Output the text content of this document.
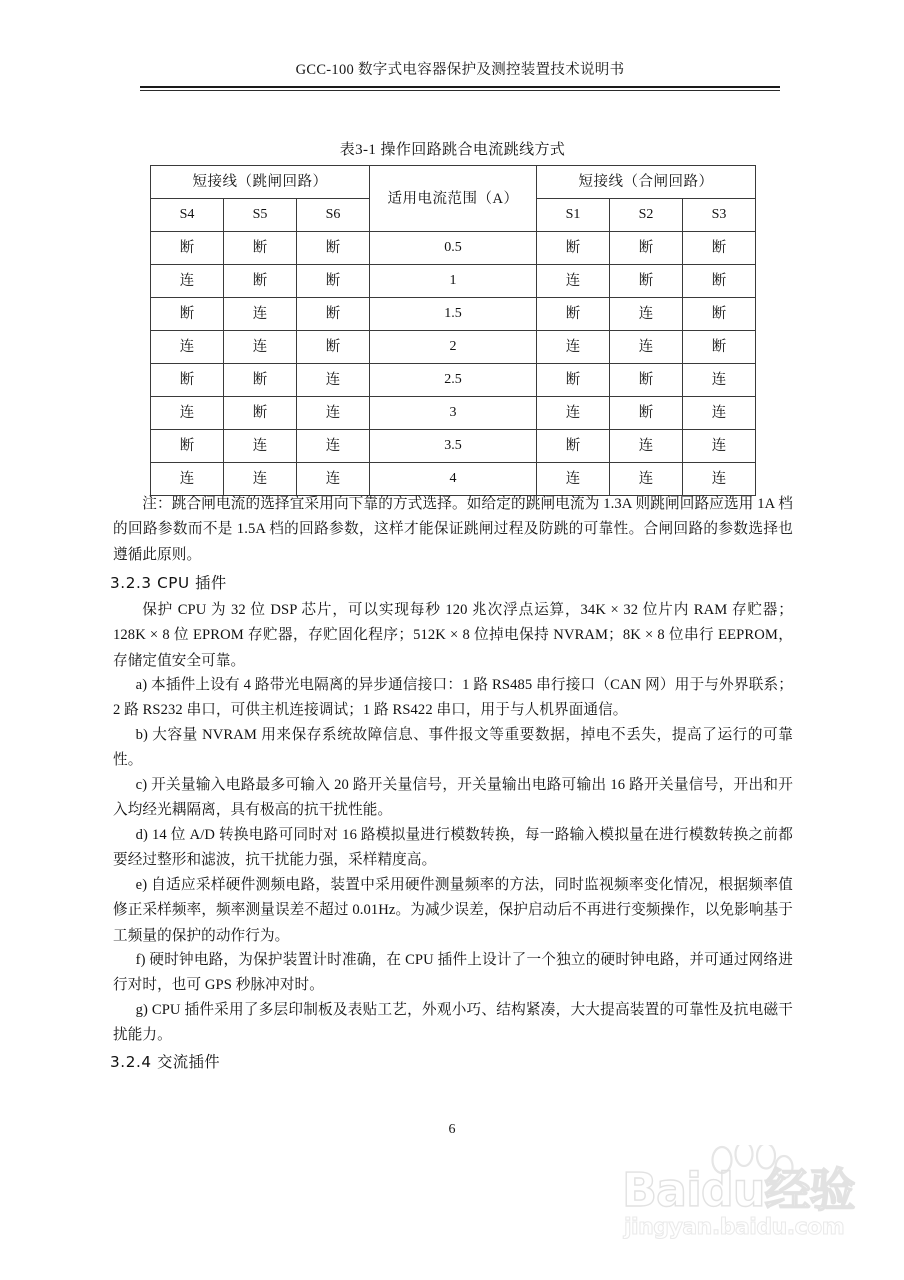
GCC-100 数字式电容器保护及测控装置技术说明书
表3-1 操作回路跳合电流跳线方式
短接线（跳闸回路）			适用电流范围（A）	短接线（合闸回路）		
S4	S5	S6		S1	S2	S3
断	断	断	0.5	断	断	断
连	断	断	1	连	断	断
断	连	断	1.5	断	连	断
连	连	断	2	连	连	断
断	断	连	2.5	断	断	连
连	断	连	3	连	断	连
断	连	连	3.5	断	连	连
连	连	连	4	连	连	连
注：跳合闸电流的选择宜采用向下靠的方式选择。如给定的跳闸电流为 1.3A 则跳闸回路应选用 1A 档的回路参数而不是 1.5A 档的回路参数，这样才能保证跳闸过程及防跳的可靠性。合闸回路的参数选择也遵循此原则。
3.2.3 CPU 插件
保护 CPU 为 32 位 DSP 芯片，可以实现每秒 120 兆次浮点运算，34K × 32 位片内 RAM 存贮器；128K × 8 位 EPROM 存贮器，存贮固化程序；512K × 8 位掉电保持 NVRAM；8K × 8 位串行 EEPROM，存储定值安全可靠。
a) 本插件上设有 4 路带光电隔离的异步通信接口：1 路 RS485 串行接口（CAN 网）用于与外界联系；2 路 RS232 串口，可供主机连接调试；1 路 RS422 串口，用于与人机界面通信。
b) 大容量 NVRAM 用来保存系统故障信息、事件报文等重要数据，掉电不丢失，提高了运行的可靠性。
c) 开关量输入电路最多可输入 20 路开关量信号，开关量输出电路可输出 16 路开关量信号，开出和开入均经光耦隔离，具有极高的抗干扰性能。
d) 14 位 A/D 转换电路可同时对 16 路模拟量进行模数转换，每一路输入模拟量在进行模数转换之前都要经过整形和滤波，抗干扰能力强，采样精度高。
e) 自适应采样硬件测频电路，装置中采用硬件测量频率的方法，同时监视频率变化情况，根据频率值修正采样频率，频率测量误差不超过 0.01Hz。为减少误差，保护启动后不再进行变频操作，以免影响基于工频量的保护的动作行为。
f) 硬时钟电路，为保护装置计时准确，在 CPU 插件上设计了一个独立的硬时钟电路，并可通过网络进行对时，也可 GPS 秒脉冲对时。
g) CPU 插件采用了多层印制板及表贴工艺，外观小巧、结构紧凑，大大提高装置的可靠性及抗电磁干扰能力。
3.2.4 交流插件
6
Baidu经验
jingyan.baidu.com
